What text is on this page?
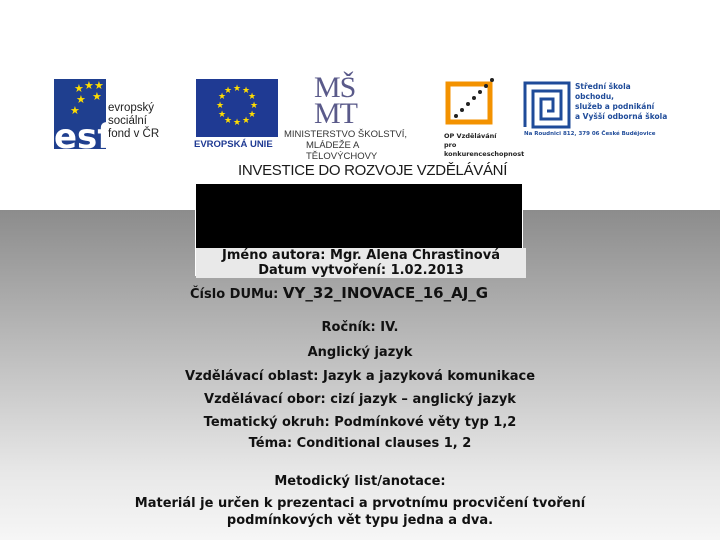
★ ★ ★
★
★
★
esf
evropský
sociální
fond v ČR
★ ★
★
★
★
★
★
★
★
★
★
★
EVROPSKÁ UNIE
MŠ
MT
MINISTERSTVO ŠKOLSTVÍ,
MLÁDEŽE A TĚLOVÝCHOVY
OP Vzdělávání
pro konkurenceschopnost
Střední škola obchodu,
služeb a podnikání
a Vyšší odborná škola
Na Roudnici 812, 379 06 České Budějovice
INVESTICE DO ROZVOJE VZDĚLÁVÁNÍ
Jméno autora: Mgr. Alena Chrastinová
Datum vytvoření: 1.02.2013
Číslo DUMu: VY_32_INOVACE_16_AJ_G
Ročník: IV.
Anglický jazyk
Vzdělávací oblast: Jazyk a jazyková komunikace
Vzdělávací obor: cizí jazyk – anglický jazyk
Tematický okruh: Podmínkové věty typ 1,2
Téma: Conditional clauses 1, 2
Metodický list/anotace:
Materiál je určen k prezentaci a prvotnímu procvičení tvoření
podmínkových vět typu jedna a dva.
